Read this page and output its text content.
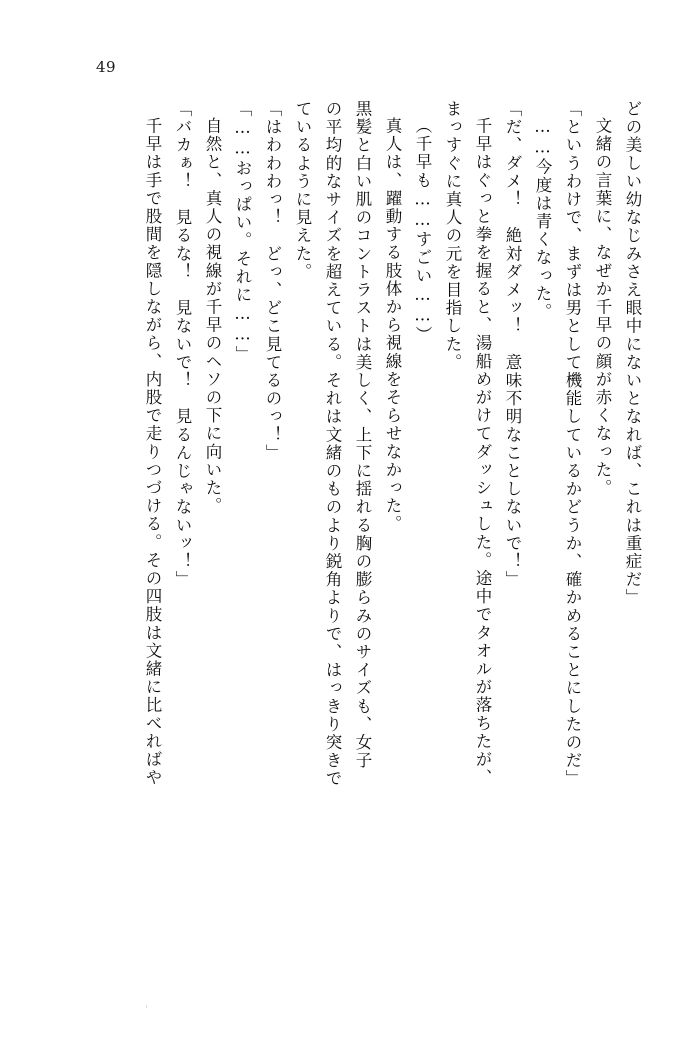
49
どの美しい幼なじみさえ眼中にないとなれば、これは重症だ」
文緒の言葉に、なぜか千早の顔が赤くなった。
「というわけで、まずは男として機能しているかどうか、確かめることにしたのだ」
……今度は青くなった。
「だ、ダメ！　絶対ダメッ！　意味不明なことしないで！」
千早はぐっと拳を握ると、湯船めがけてダッシュした。途中でタオルが落ちたが、
まっすぐに真人の元を目指した。
（千早も……すごい……）
真人は、躍動する肢体から視線をそらせなかった。
黒髪と白い肌のコントラストは美しく、上下に揺れる胸の膨らみのサイズも、女子
の平均的なサイズを超えている。それは文緒のものより鋭角よりで、はっきり突きで
ているように見えた。
「はわわわっ！　どっ、どこ見てるのっ！」
「……おっぱい。それに……」
自然と、真人の視線が千早のヘソの下に向いた。
「バカぁ！　見るな！　見ないで！　見るんじゃないッ！」
千早は手で股間を隠しながら、内股で走りつづける。その四肢は文緒に比べればや
'
